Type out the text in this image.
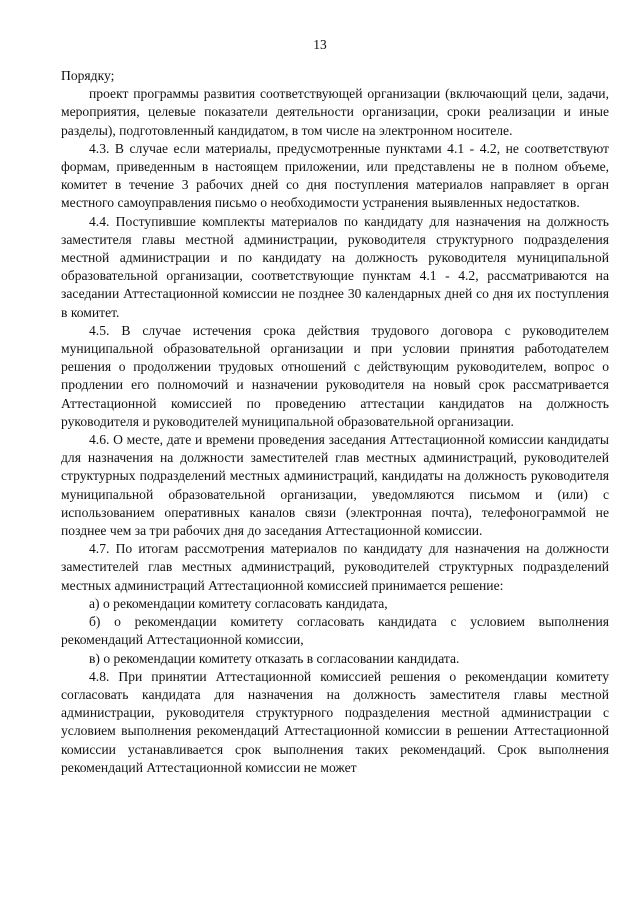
13

Порядку;

проект программы развития соответствующей организации (включающий цели, задачи, мероприятия, целевые показатели деятельности организации, сроки реализации и иные разделы), подготовленный кандидатом, в том числе на электронном носителе.

4.3. В случае если материалы, предусмотренные пунктами 4.1 - 4.2, не соответствуют формам, приведенным в настоящем приложении, или представлены не в полном объеме, комитет в течение 3 рабочих дней со дня поступления материалов направляет в орган местного самоуправления письмо о необходимости устранения выявленных недостатков.

4.4. Поступившие комплекты материалов по кандидату для назначения на должность заместителя главы местной администрации, руководителя структурного подразделения местной администрации и по кандидату на должность руководителя муниципальной образовательной организации, соответствующие пунктам 4.1 - 4.2, рассматриваются на заседании Аттестационной комиссии не позднее 30 календарных дней со дня их поступления в комитет.

4.5. В случае истечения срока действия трудового договора с руководителем муниципальной образовательной организации и при условии принятия работодателем решения о продолжении трудовых отношений с действующим руководителем, вопрос о продлении его полномочий и назначении руководителя на новый срок рассматривается Аттестационной комиссией по проведению аттестации кандидатов на должность руководителя и руководителей муниципальной образовательной организации.

4.6. О месте, дате и времени проведения заседания Аттестационной комиссии кандидаты для назначения на должности заместителей глав местных администраций, руководителей структурных подразделений местных администраций, кандидаты на должность руководителя муниципальной образовательной организации, уведомляются письмом и (или) с использованием оперативных каналов связи (электронная почта), телефонограммой не позднее чем за три рабочих дня до заседания Аттестационной комиссии.

4.7. По итогам рассмотрения материалов по кандидату для назначения на должности заместителей глав местных администраций, руководителей структурных подразделений местных администраций Аттестационной комиссией принимается решение:

а) о рекомендации комитету согласовать кандидата,

б) о рекомендации комитету согласовать кандидата с условием выполнения рекомендаций Аттестационной комиссии,

в) о рекомендации комитету отказать в согласовании кандидата.

4.8. При принятии Аттестационной комиссией решения о рекомендации комитету согласовать кандидата для назначения на должность заместителя главы местной администрации, руководителя структурного подразделения местной администрации с условием выполнения рекомендаций Аттестационной комиссии в решении Аттестационной комиссии устанавливается срок выполнения таких рекомендаций. Срок выполнения рекомендаций Аттестационной комиссии не может
